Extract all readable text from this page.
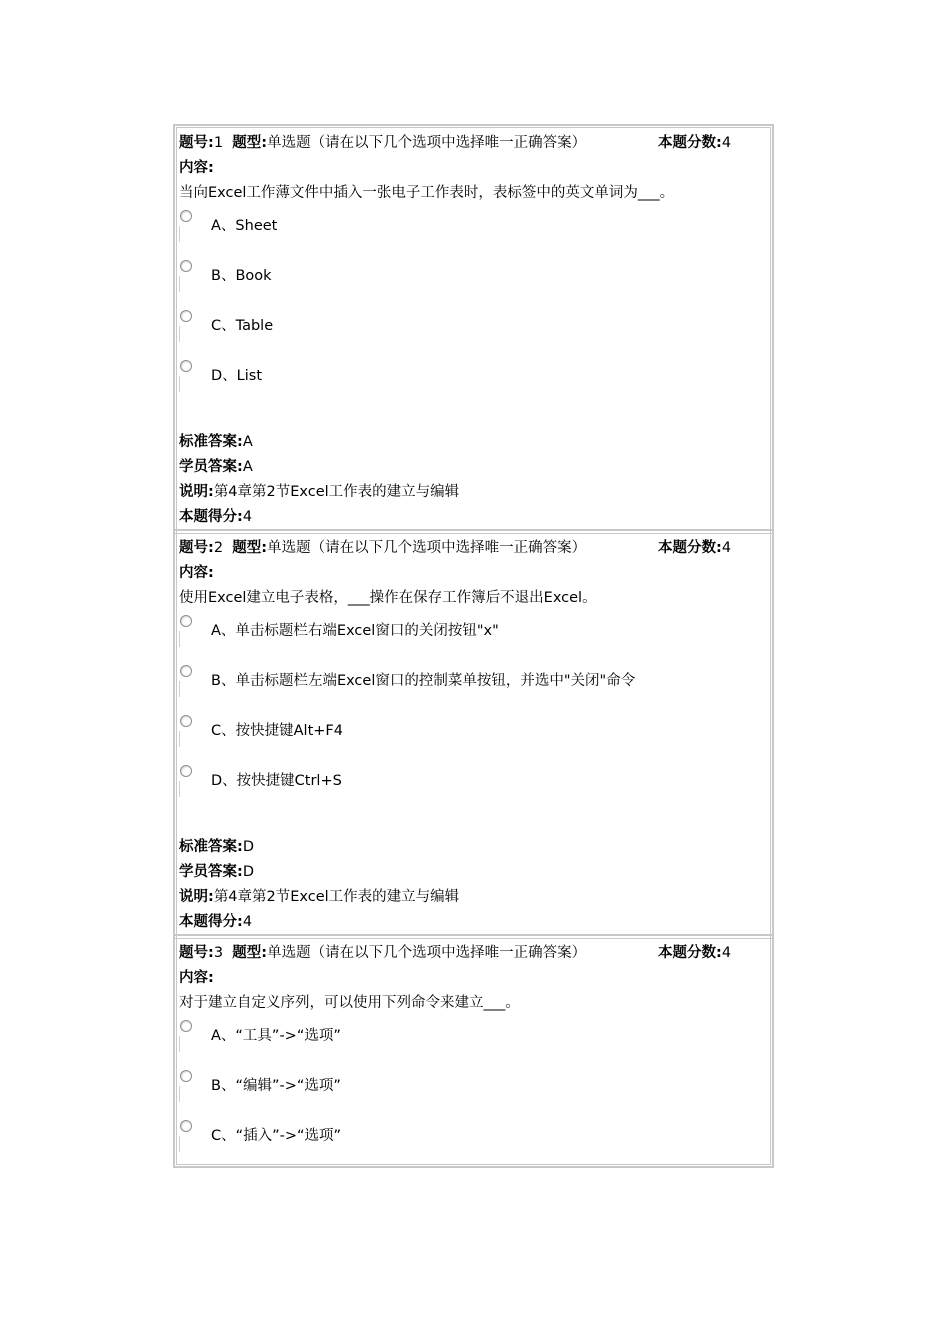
题号:1 题型:单选题（请在以下几个选项中选择唯一正确答案）	本题分数:4
内容:
当向Excel工作薄文件中插入一张电子工作表时，表标签中的英文单词为___。
A、Sheet
B、Book
C、Table
D、List
标准答案:A
学员答案:A
说明:第4章第2节Excel工作表的建立与编辑
本题得分:4
题号:2 题型:单选题（请在以下几个选项中选择唯一正确答案）	本题分数:4
内容:
使用Excel建立电子表格，___操作在保存工作簿后不退出Excel。
A、单击标题栏右端Excel窗口的关闭按钮"x"
B、单击标题栏左端Excel窗口的控制菜单按钮，并选中"关闭"命令
C、按快捷键Alt+F4
D、按快捷键Ctrl+S
标准答案:D
学员答案:D
说明:第4章第2节Excel工作表的建立与编辑
本题得分:4
题号:3 题型:单选题（请在以下几个选项中选择唯一正确答案）	本题分数:4
内容:
对于建立自定义序列，可以使用下列命令来建立___。
A、“工具”->“选项”
B、“编辑”->“选项”
C、“插入”->“选项”
